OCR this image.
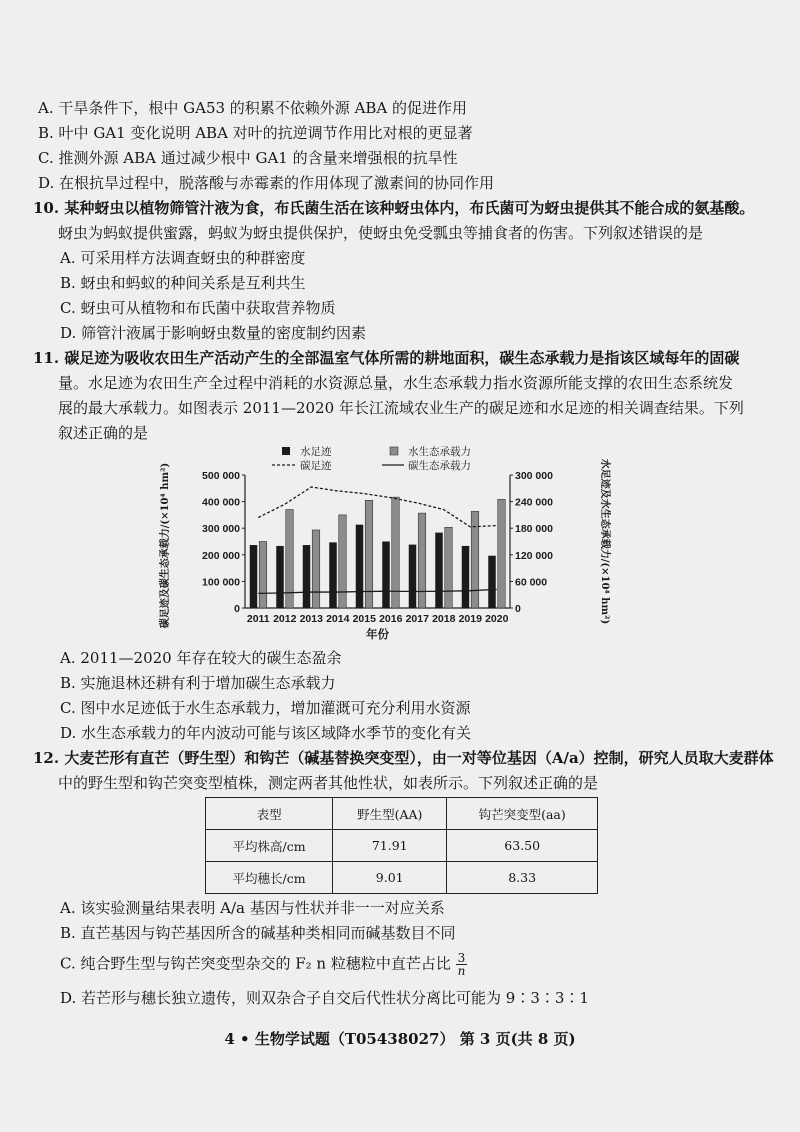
A. 干旱条件下，根中 GA53 的积累不依赖外源 ABA 的促进作用
B. 叶中 GA1 变化说明 ABA 对叶的抗逆调节作用比对根的更显著
C. 推测外源 ABA 通过减少根中 GA1 的含量来增强根的抗旱性
D. 在根抗旱过程中，脱落酸与赤霉素的作用体现了激素间的协同作用
10. 某种蚜虫以植物筛管汁液为食，布氏菌生活在该种蚜虫体内，布氏菌可为蚜虫提供其不能合成的氨基酸。
蚜虫为蚂蚁提供蜜露，蚂蚁为蚜虫提供保护，使蚜虫免受瓢虫等捕食者的伤害。下列叙述错误的是
A. 可采用样方法调查蚜虫的种群密度
B. 蚜虫和蚂蚁的种间关系是互利共生
C. 蚜虫可从植物和布氏菌中获取营养物质
D. 筛管汁液属于影响蚜虫数量的密度制约因素
11. 碳足迹为吸收农田生产活动产生的全部温室气体所需的耕地面积，碳生态承载力是指该区域每年的固碳
量。水足迹为农田生产全过程中消耗的水资源总量，水生态承载力指水资源所能支撑的农田生态系统发
展的最大承载力。如图表示 2011—2020 年长江流域农业生产的碳足迹和水足迹的相关调查结果。下列
叙述正确的是
0
100 000
200 000
300 000
400 000
500 000
0
60 000
120 000
180 000
240 000
300 000
2011 2012 2013 2014 2015 2016 2017 2018 2019 2020
年份
碳足迹及碳生态承载力/(×10⁴ hm²)	水足迹及水生态承载力/(×10⁴ hm²)
水足迹	水生态承载力
碳足迹	碳生态承载力
A. 2011—2020 年存在较大的碳生态盈余
B. 实施退林还耕有利于增加碳生态承载力
C. 图中水足迹低于水生态承载力，增加灌溉可充分利用水资源
D. 水生态承载力的年内波动可能与该区域降水季节的变化有关
12. 大麦芒形有直芒（野生型）和钩芒（碱基替换突变型），由一对等位基因（A/a）控制，研究人员取大麦群体
中的野生型和钩芒突变型植株，测定两者其他性状，如表所示。下列叙述正确的是
表型	野生型(AA)	钩芒突变型(aa)
平均株高/cm	71.91	63.50
平均穗长/cm	9.01	8.33
A. 该实验测量结果表明 A/a 基因与性状并非一一对应关系
B. 直芒基因与钩芒基因所含的碱基种类相同而碱基数目不同
C. 纯合野生型与钩芒突变型杂交的 F₂ n 粒穗粒中直芒占比 $\frac{3}{n}$
D. 若芒形与穗长独立遗传，则双杂合子自交后代性状分离比可能为 9∶3∶3∶1
4 • 生物学试题（T05438027） 第 3 页(共 8 页)
